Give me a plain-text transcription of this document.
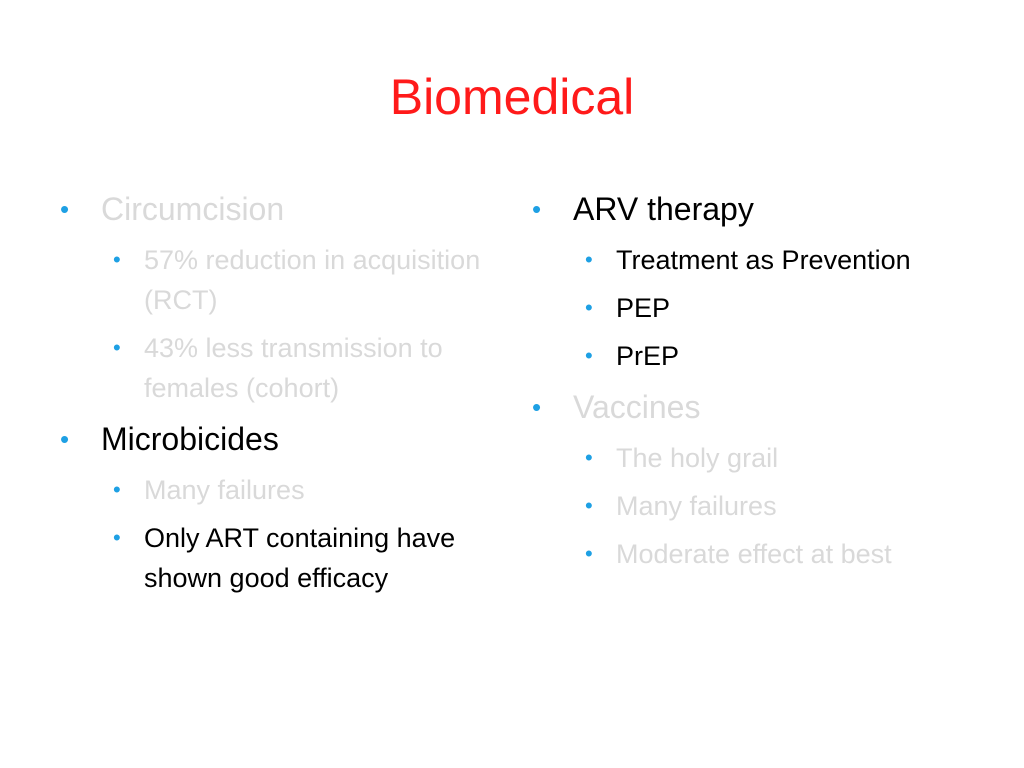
Biomedical
• Circumcision
• 57% reduction in acquisition (RCT)
• 43% less transmission to females (cohort)
• Microbicides
• Many failures
• Only ART containing have shown good efficacy
• ARV therapy
• Treatment as Prevention
• PEP
• PrEP
• Vaccines
• The holy grail
• Many failures
• Moderate effect at best
